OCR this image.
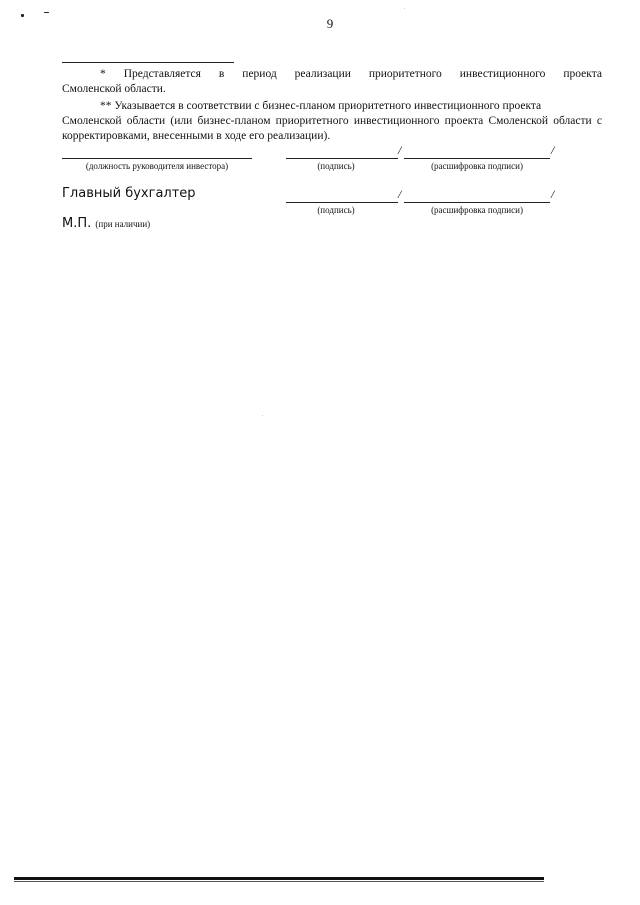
9
* Представляется в период реализации приоритетного инвестиционного проекта
Смоленской области.
** Указывается в соответствии с бизнес-планом приоритетного инвестиционного проекта
Смоленской области (или бизнес-планом приоритетного инвестиционного проекта Смоленской области с корректировками, внесенными в ходе его реализации).
(должность руководителя инвестора)
/	/
(подпись)	(расшифровка подписи)
Главный бухгалтер	/	/
(подпись)	(расшифровка подписи)
М.П. (при наличии)
